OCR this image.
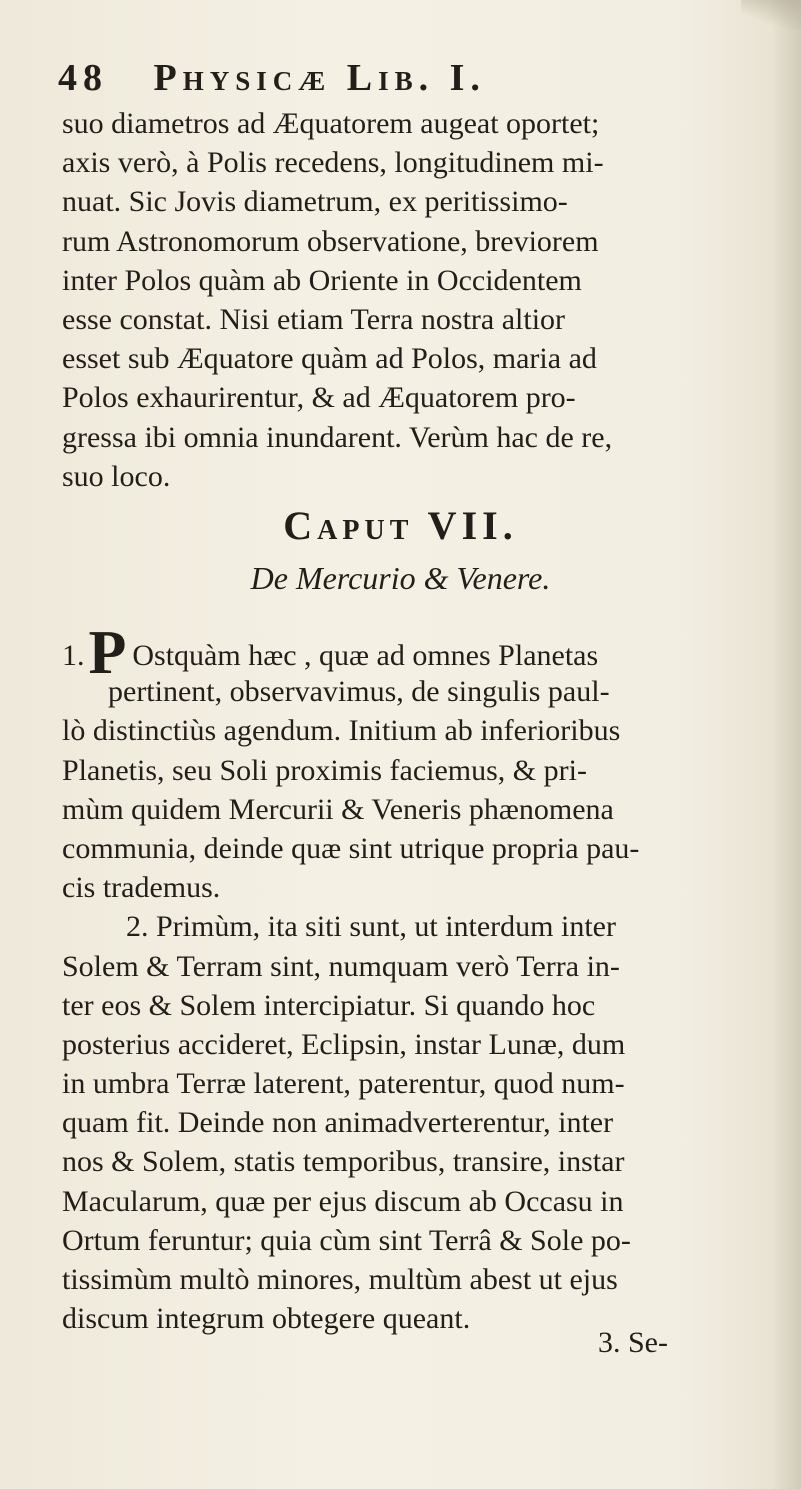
48 Physicæ Lib. I.
suo diametros ad Æquatorem augeat oportet;
axis verò, à Polis recedens, longitudinem mi-
nuat. Sic Jovis diametrum, ex peritissimo-
rum Astronomorum observatione, breviorem
inter Polos quàm ab Oriente in Occidentem
esse constat. Nisi etiam Terra nostra altior
esset sub Æquatore quàm ad Polos, maria ad
Polos exhaurirentur, & ad Æquatorem pro-
gressa ibi omnia inundarent. Verùm hac de re,
suo loco.
Caput VII.
De Mercurio & Venere.
1.P Ostquàm hæc , quæ ad omnes Planetas
pertinent, observavimus, de singulis paul-
lò distinctiùs agendum. Initium ab inferioribus
Planetis, seu Soli proximis faciemus, & pri-
mùm quidem Mercurii & Veneris phænomena
communia, deinde quæ sint utrique propria pau-
cis trademus.
2. Primùm, ita siti sunt, ut interdum inter
Solem & Terram sint, numquam verò Terra in-
ter eos & Solem intercipiatur. Si quando hoc
posterius accideret, Eclipsin, instar Lunæ, dum
in umbra Terræ laterent, paterentur, quod num-
quam fit. Deinde non animadverterentur, inter
nos & Solem, statis temporibus, transire, instar
Macularum, quæ per ejus discum ab Occasu in
Ortum feruntur; quia cùm sint Terrâ & Sole po-
tissimùm multò minores, multùm abest ut ejus
discum integrum obtegere queant.
3. Se-
